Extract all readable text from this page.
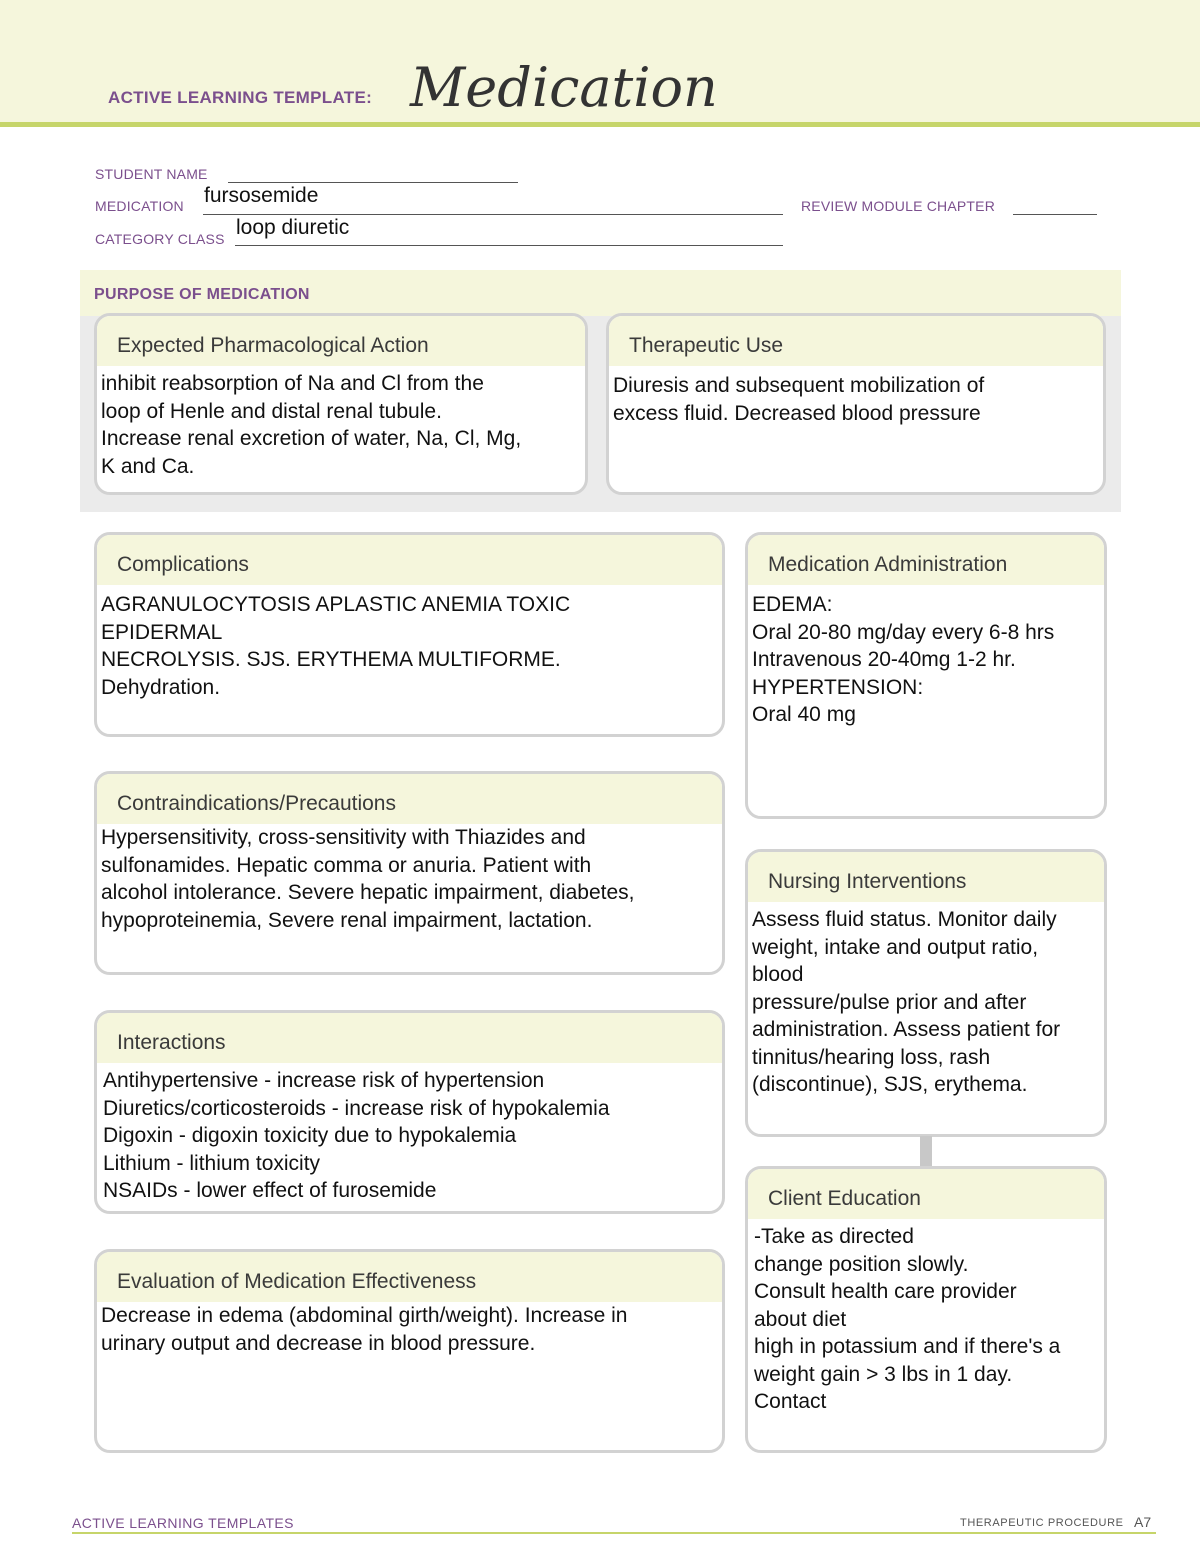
ACTIVE LEARNING TEMPLATE: Medication
STUDENT NAME
MEDICATION fursosemide	REVIEW MODULE CHAPTER
CATEGORY CLASS loop diuretic
PURPOSE OF MEDICATION
Expected Pharmacological Action
inhibit reabsorption of Na and Cl from the
loop of Henle and distal renal tubule.
Increase renal excretion of water, Na, Cl, Mg,
K and Ca.
Therapeutic Use
Diuresis and subsequent mobilization of
excess fluid. Decreased blood pressure
Complications
AGRANULOCYTOSIS APLASTIC ANEMIA TOXIC
EPIDERMAL
NECROLYSIS. SJS. ERYTHEMA MULTIFORME.
Dehydration.
Medication Administration
EDEMA:
Oral 20-80 mg/day every 6-8 hrs
Intravenous 20-40mg 1-2 hr.
HYPERTENSION:
Oral 40 mg
Contraindications/Precautions
Hypersensitivity, cross-sensitivity with Thiazides and
sulfonamides. Hepatic comma or anuria. Patient with
alcohol intolerance. Severe hepatic impairment, diabetes,
hypoproteinemia, Severe renal impairment, lactation.
Nursing Interventions
Assess fluid status. Monitor daily
weight, intake and output ratio,
blood
pressure/pulse prior and after
administration. Assess patient for
tinnitus/hearing loss, rash
(discontinue), SJS, erythema.
Interactions
Antihypertensive - increase risk of hypertension
Diuretics/corticosteroids - increase risk of hypokalemia
Digoxin - digoxin toxicity due to hypokalemia
Lithium - lithium toxicity
NSAIDs - lower effect of furosemide	Client Education
-Take as directed
change position slowly.
Consult health care provider
about diet
high in potassium and if there's a
weight gain > 3 lbs in 1 day.
Contact
Evaluation of Medication Effectiveness
Decrease in edema (abdominal girth/weight). Increase in
urinary output and decrease in blood pressure.
ACTIVE LEARNING TEMPLATES	THERAPEUTIC PROCEDURE A7
